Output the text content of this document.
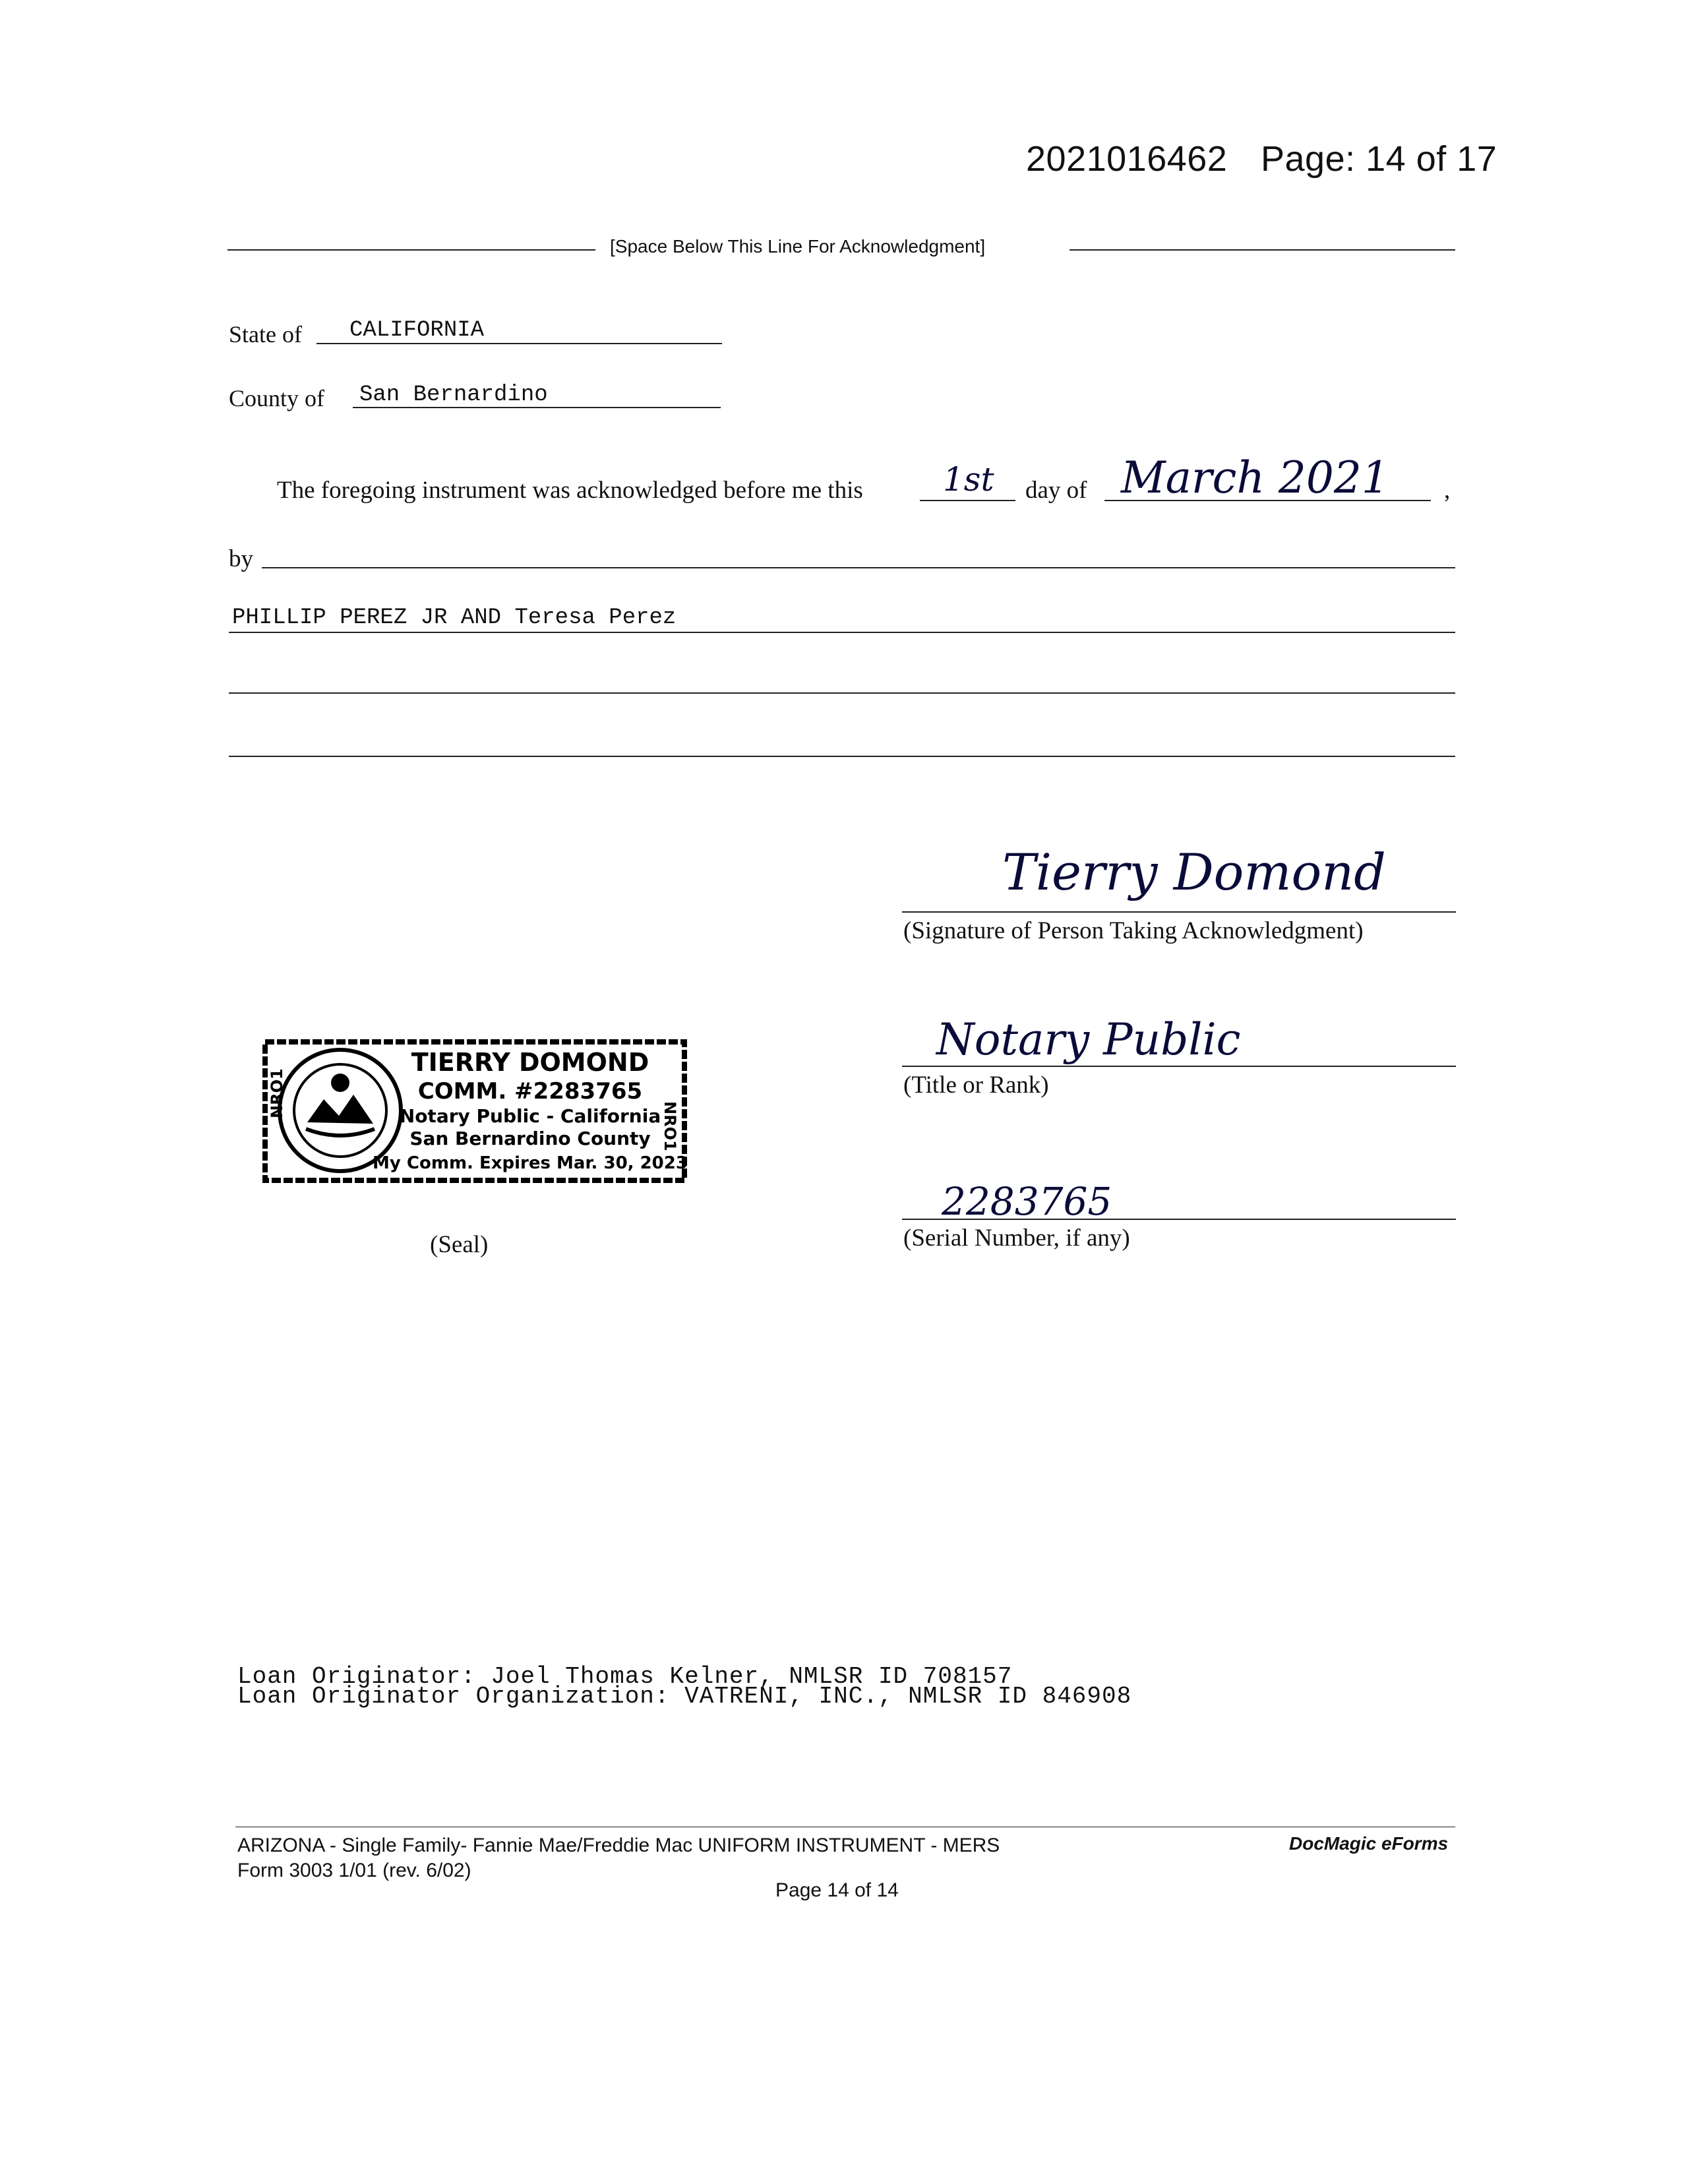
2021016462 Page: 14 of 17
[Space Below This Line For Acknowledgment]
State of CALIFORNIA
County of San Bernardino
The foregoing instrument was acknowledged before me this 1st day of March 2021 ,
by
PHILLIP PEREZ JR AND Teresa Perez
Tierry Domond
(Signature of Person Taking Acknowledgment)
Notary Public
(Title or Rank)
2283765
(Serial Number, if any)
NRO1
NRO1
TIERRY DOMOND
COMM. #2283765
Notary Public - California
San Bernardino County
My Comm. Expires Mar. 30, 2023
(Seal)
Loan Originator: Joel Thomas Kelner, NMLSR ID 708157
Loan Originator Organization: VATRENI, INC., NMLSR ID 846908
ARIZONA - Single Family- Fannie Mae/Freddie Mac UNIFORM INSTRUMENT - MERS
Form 3003 1/01 (rev. 6/02)
Page 14 of 14
DocMagic eForms
